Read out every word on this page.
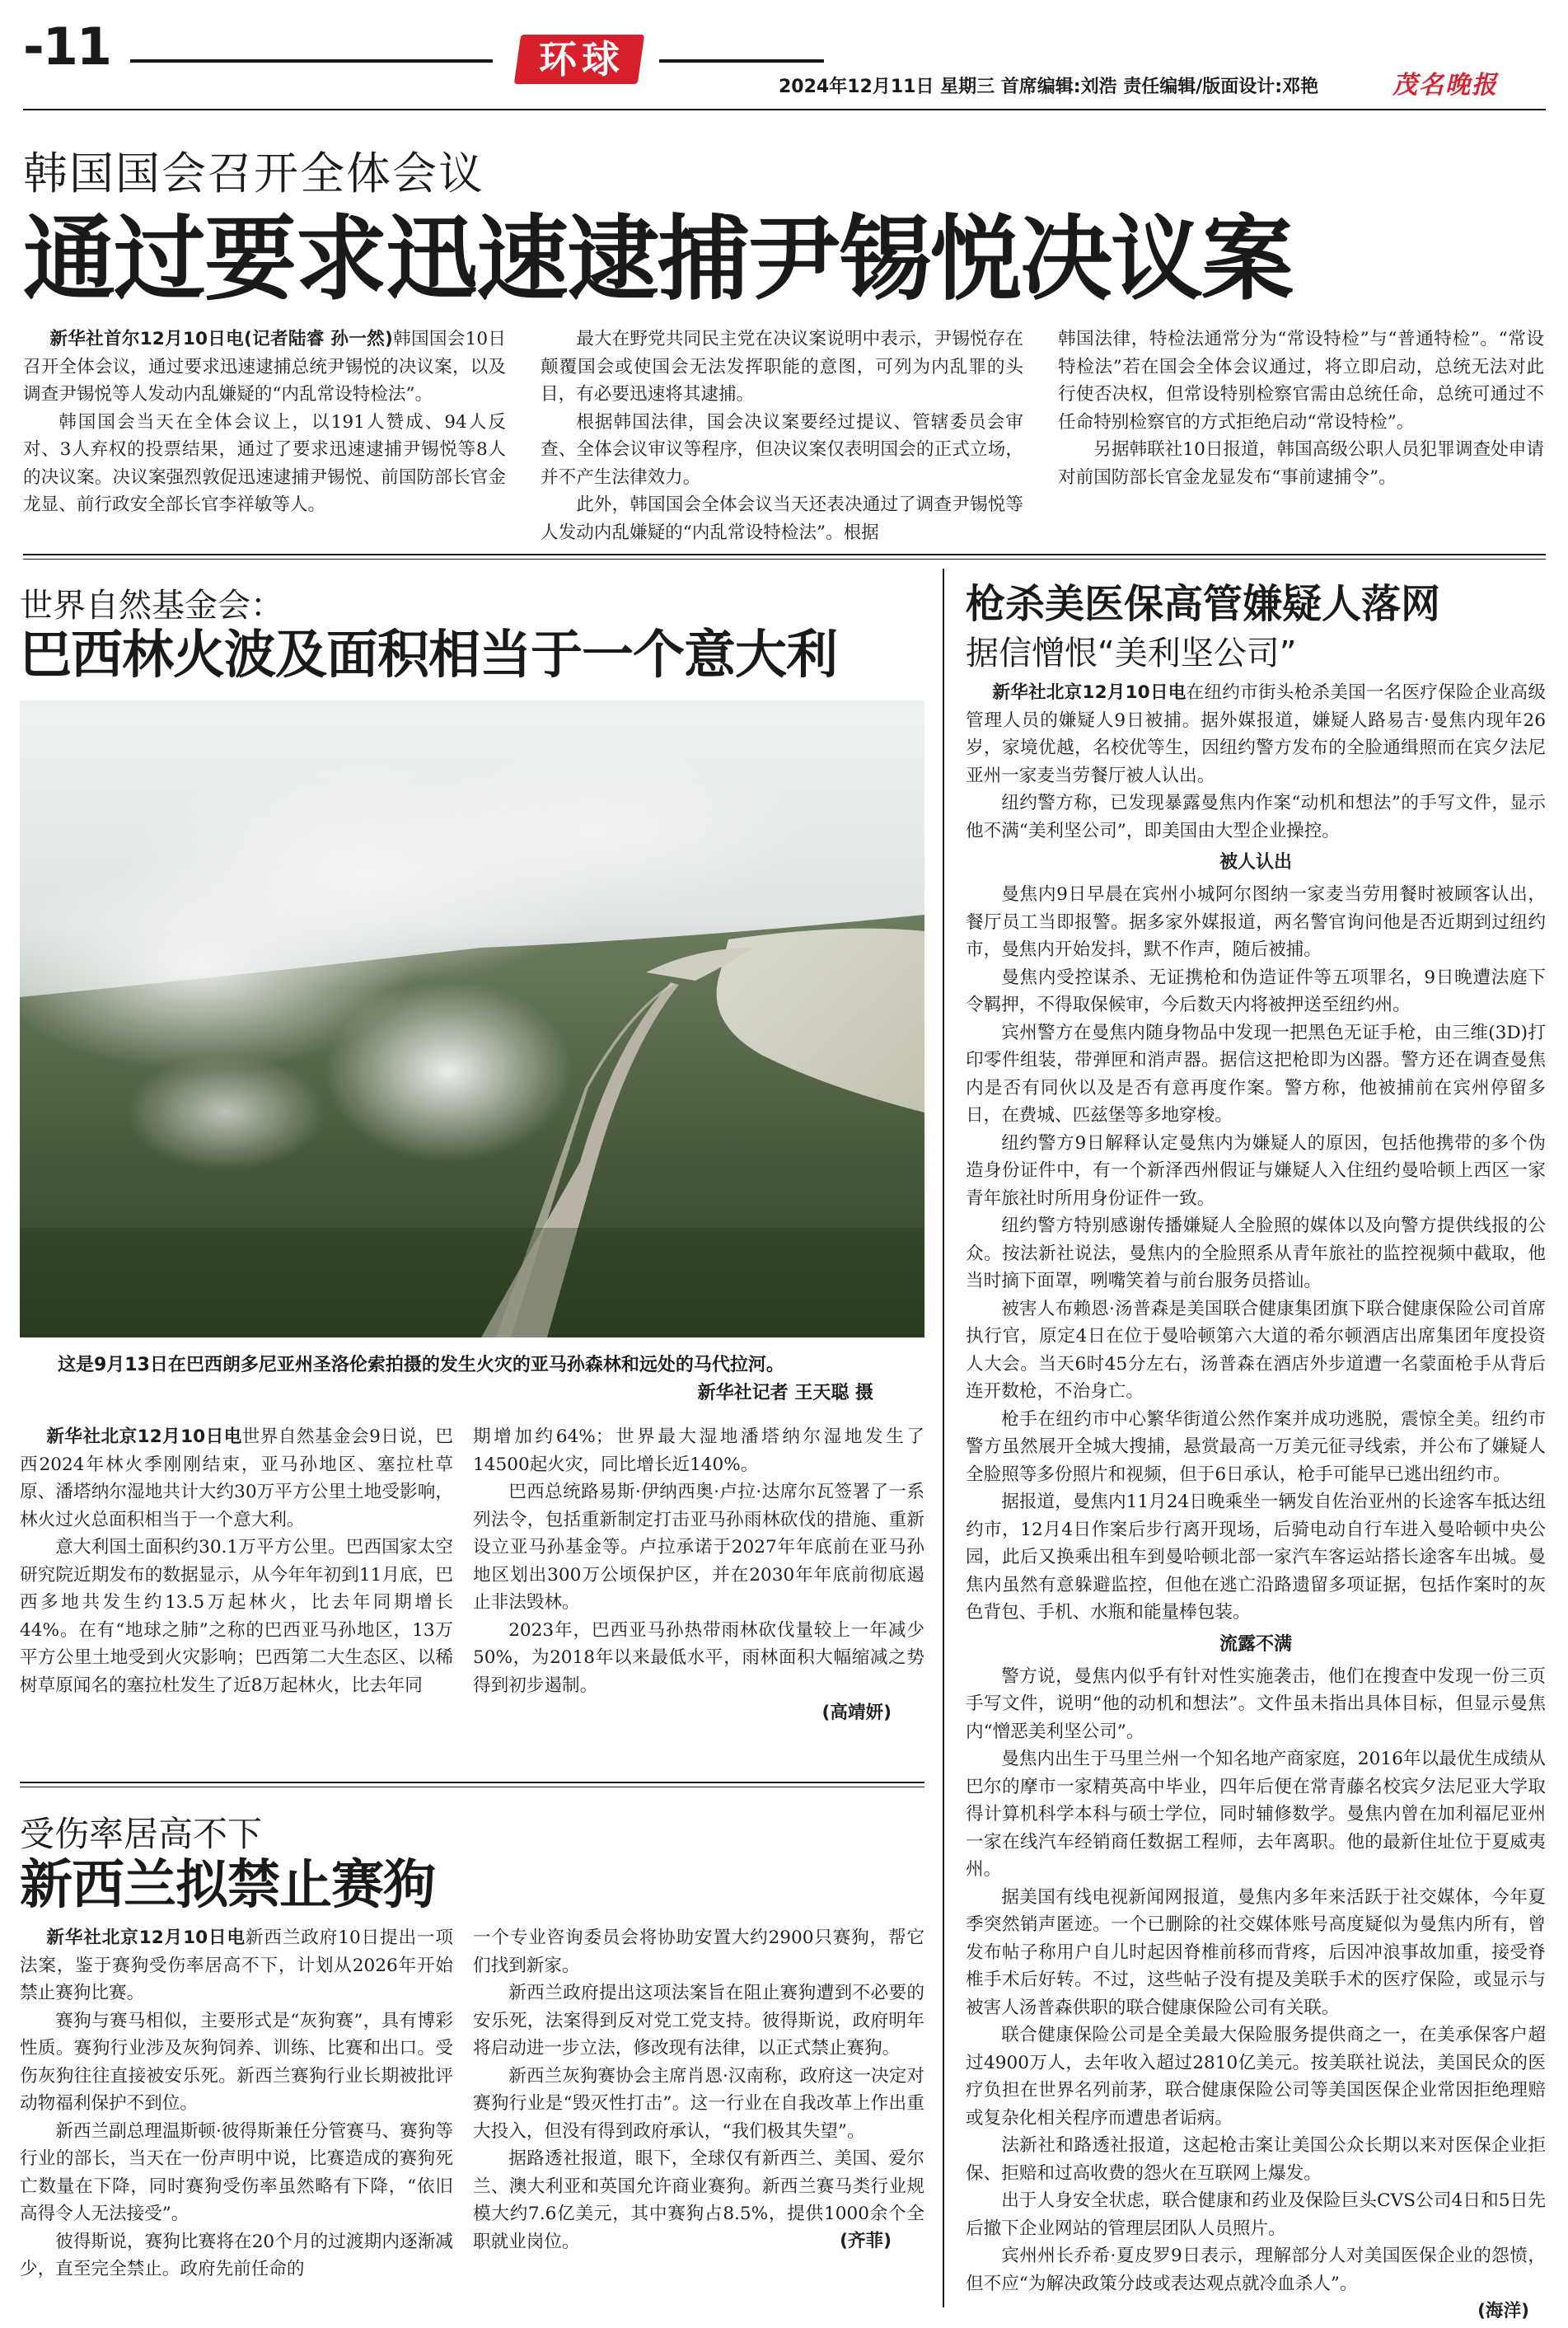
-11	环球
2024年12月11日 星期三 首席编辑:刘浩 责任编辑/版面设计:邓艳	茂名晚报
韩国国会召开全体会议
通过要求迅速逮捕尹锡悦决议案

新华社首尔12月10日电(记者陆睿 孙一然)韩国国会10日召开全体会议，通过要求迅速逮捕总统尹锡悦的决议案，以及调查尹锡悦等人发动内乱嫌疑的“内乱常设特检法”。

韩国国会当天在全体会议上，以191人赞成、94人反对、3人弃权的投票结果，通过了要求迅速逮捕尹锡悦等8人的决议案。决议案强烈敦促迅速逮捕尹锡悦、前国防部长官金龙显、前行政安全部长官李祥敏等人。

最大在野党共同民主党在决议案说明中表示，尹锡悦存在颠覆国会或使国会无法发挥职能的意图，可列为内乱罪的头目，有必要迅速将其逮捕。

根据韩国法律，国会决议案要经过提议、管辖委员会审查、全体会议审议等程序，但决议案仅表明国会的正式立场，并不产生法律效力。

此外，韩国国会全体会议当天还表决通过了调查尹锡悦等人发动内乱嫌疑的“内乱常设特检法”。根据

韩国法律，特检法通常分为“常设特检”与“普通特检”。“常设特检法”若在国会全体会议通过，将立即启动，总统无法对此行使否决权，但常设特别检察官需由总统任命，总统可通过不任命特别检察官的方式拒绝启动“常设特检”。

另据韩联社10日报道，韩国高级公职人员犯罪调查处申请对前国防部长官金龙显发布“事前逮捕令”。

世界自然基金会：
巴西林火波及面积相当于一个意大利
这是9月13日在巴西朗多尼亚州圣洛伦索拍摄的发生火灾的亚马孙森林和远处的马代拉河。
新华社记者 王天聪 摄

新华社北京12月10日电世界自然基金会9日说，巴西2024年林火季刚刚结束，亚马孙地区、塞拉杜草原、潘塔纳尔湿地共计大约30万平方公里土地受影响，林火过火总面积相当于一个意大利。

意大利国土面积约30.1万平方公里。巴西国家太空研究院近期发布的数据显示，从今年年初到11月底，巴西多地共发生约13.5万起林火，比去年同期增长44%。在有“地球之肺”之称的巴西亚马孙地区，13万平方公里土地受到火灾影响；巴西第二大生态区、以稀树草原闻名的塞拉杜发生了近8万起林火，比去年同

期增加约64%；世界最大湿地潘塔纳尔湿地发生了14500起火灾，同比增长近140%。

巴西总统路易斯·伊纳西奥·卢拉·达席尔瓦签署了一系列法令，包括重新制定打击亚马孙雨林砍伐的措施、重新设立亚马孙基金等。卢拉承诺于2027年年底前在亚马孙地区划出300万公顷保护区，并在2030年年底前彻底遏止非法毁林。

2023年，巴西亚马孙热带雨林砍伐量较上一年减少50%，为2018年以来最低水平，雨林面积大幅缩减之势得到初步遏制。

(高靖妍)
受伤率居高不下
新西兰拟禁止赛狗

新华社北京12月10日电新西兰政府10日提出一项法案，鉴于赛狗受伤率居高不下，计划从2026年开始禁止赛狗比赛。

赛狗与赛马相似，主要形式是“灰狗赛”，具有博彩性质。赛狗行业涉及灰狗饲养、训练、比赛和出口。受伤灰狗往往直接被安乐死。新西兰赛狗行业长期被批评动物福利保护不到位。

新西兰副总理温斯顿·彼得斯兼任分管赛马、赛狗等行业的部长，当天在一份声明中说，比赛造成的赛狗死亡数量在下降，同时赛狗受伤率虽然略有下降，“依旧高得令人无法接受”。

彼得斯说，赛狗比赛将在20个月的过渡期内逐渐减少，直至完全禁止。政府先前任命的

一个专业咨询委员会将协助安置大约2900只赛狗，帮它们找到新家。

新西兰政府提出这项法案旨在阻止赛狗遭到不必要的安乐死，法案得到反对党工党支持。彼得斯说，政府明年将启动进一步立法，修改现有法律，以正式禁止赛狗。

新西兰灰狗赛协会主席肖恩·汉南称，政府这一决定对赛狗行业是“毁灭性打击”。这一行业在自我改革上作出重大投入，但没有得到政府承认，“我们极其失望”。

据路透社报道，眼下，全球仅有新西兰、美国、爱尔兰、澳大利亚和英国允许商业赛狗。新西兰赛马类行业规模大约7.6亿美元，其中赛狗占8.5%，提供1000余个全职就业岗位。	(齐菲)
枪杀美医保高管嫌疑人落网
据信憎恨“美利坚公司”

新华社北京12月10日电在纽约市街头枪杀美国一名医疗保险企业高级管理人员的嫌疑人9日被捕。据外媒报道，嫌疑人路易吉·曼焦内现年26岁，家境优越，名校优等生，因纽约警方发布的全脸通缉照而在宾夕法尼亚州一家麦当劳餐厅被人认出。

纽约警方称，已发现暴露曼焦内作案“动机和想法”的手写文件，显示他不满“美利坚公司”，即美国由大型企业操控。

被人认出

曼焦内9日早晨在宾州小城阿尔图纳一家麦当劳用餐时被顾客认出，餐厅员工当即报警。据多家外媒报道，两名警官询问他是否近期到过纽约市，曼焦内开始发抖，默不作声，随后被捕。

曼焦内受控谋杀、无证携枪和伪造证件等五项罪名，9日晚遭法庭下令羁押，不得取保候审，今后数天内将被押送至纽约州。

宾州警方在曼焦内随身物品中发现一把黑色无证手枪，由三维(3D)打印零件组装，带弹匣和消声器。据信这把枪即为凶器。警方还在调查曼焦内是否有同伙以及是否有意再度作案。警方称，他被捕前在宾州停留多日，在费城、匹兹堡等多地穿梭。

纽约警方9日解释认定曼焦内为嫌疑人的原因，包括他携带的多个伪造身份证件中，有一个新泽西州假证与嫌疑人入住纽约曼哈顿上西区一家青年旅社时所用身份证件一致。

纽约警方特别感谢传播嫌疑人全脸照的媒体以及向警方提供线报的公众。按法新社说法，曼焦内的全脸照系从青年旅社的监控视频中截取，他当时摘下面罩，咧嘴笑着与前台服务员搭讪。

被害人布赖恩·汤普森是美国联合健康集团旗下联合健康保险公司首席执行官，原定4日在位于曼哈顿第六大道的希尔顿酒店出席集团年度投资人大会。当天6时45分左右，汤普森在酒店外步道遭一名蒙面枪手从背后连开数枪，不治身亡。

枪手在纽约市中心繁华街道公然作案并成功逃脱，震惊全美。纽约市警方虽然展开全城大搜捕，悬赏最高一万美元征寻线索，并公布了嫌疑人全脸照等多份照片和视频，但于6日承认，枪手可能早已逃出纽约市。

据报道，曼焦内11月24日晚乘坐一辆发自佐治亚州的长途客车抵达纽约市，12月4日作案后步行离开现场，后骑电动自行车进入曼哈顿中央公园，此后又换乘出租车到曼哈顿北部一家汽车客运站搭长途客车出城。曼焦内虽然有意躲避监控，但他在逃亡沿路遗留多项证据，包括作案时的灰色背包、手机、水瓶和能量棒包装。

流露不满

警方说，曼焦内似乎有针对性实施袭击，他们在搜查中发现一份三页手写文件，说明“他的动机和想法”。文件虽未指出具体目标，但显示曼焦内“憎恶美利坚公司”。

曼焦内出生于马里兰州一个知名地产商家庭，2016年以最优生成绩从巴尔的摩市一家精英高中毕业，四年后便在常青藤名校宾夕法尼亚大学取得计算机科学本科与硕士学位，同时辅修数学。曼焦内曾在加利福尼亚州一家在线汽车经销商任数据工程师，去年离职。他的最新住址位于夏威夷州。

据美国有线电视新闻网报道，曼焦内多年来活跃于社交媒体，今年夏季突然销声匿迹。一个已删除的社交媒体账号高度疑似为曼焦内所有，曾发布帖子称用户自儿时起因脊椎前移而背疼，后因冲浪事故加重，接受脊椎手术后好转。不过，这些帖子没有提及美联手术的医疗保险，或显示与被害人汤普森供职的联合健康保险公司有关联。

联合健康保险公司是全美最大保险服务提供商之一，在美承保客户超过4900万人，去年收入超过2810亿美元。按美联社说法，美国民众的医疗负担在世界名列前茅，联合健康保险公司等美国医保企业常因拒绝理赔或复杂化相关程序而遭患者诟病。

法新社和路透社报道，这起枪击案让美国公众长期以来对医保企业拒保、拒赔和过高收费的怨火在互联网上爆发。

出于人身安全状虑，联合健康和药业及保险巨头CVS公司4日和5日先后撤下企业网站的管理层团队人员照片。

宾州州长乔希·夏皮罗9日表示，理解部分人对美国医保企业的怨愤，但不应“为解决政策分歧或表达观点就冷血杀人”。

(海洋)
